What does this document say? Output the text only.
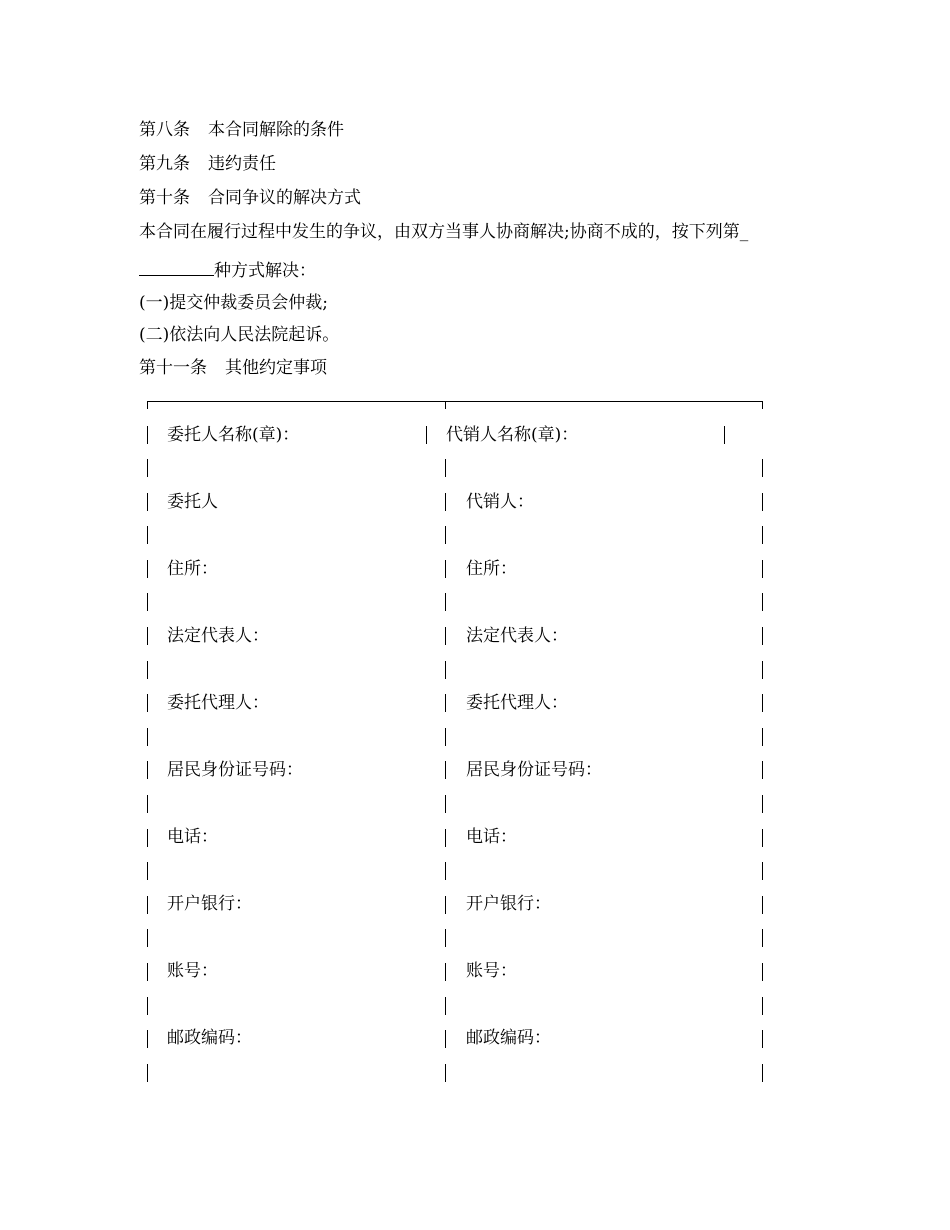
第八条 本合同解除的条件
第九条 违约责任
第十条 合同争议的解决方式
本合同在履行过程中发生的争议，由双方当事人协商解决;协商不成的，按下列第_
种方式解决：
(一)提交仲裁委员会仲裁;
(二)依法向人民法院起诉。
第十一条 其他约定事项
委托人名称(章)：	代销人名称(章)：
委托人
住所：
法定代表人：
委托代理人：
居民身份证号码：
电话：
开户银行：
账号：
邮政编码：
代销人：
住所：
法定代表人：
委托代理人：
居民身份证号码：
电话：
开户银行：
账号：
邮政编码：
